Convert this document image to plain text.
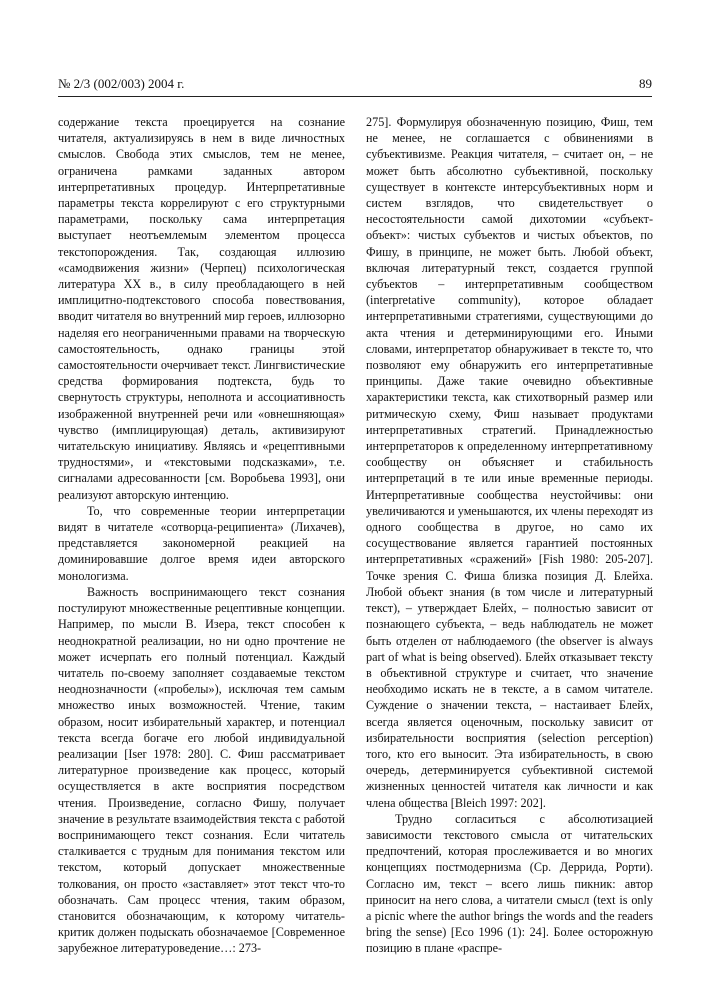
№ 2/3 (002/003) 2004 г.	89

содержание текста проецируется на сознание читателя, актуализируясь в нем в виде личностных смыслов. Свобода этих смыслов, тем не менее, ограничена рамками заданных автором интерпретативных процедур. Интерпретативные параметры текста коррелируют с его структурными параметрами, поскольку сама интерпретация выступает неотъемлемым элементом процесса текстопорождения. Так, создающая иллюзию «самодвижения жизни» (Черпец) психологическая литература XX в., в силу преобладающего в ней имплицитно-подтекстового способа повествования, вводит читателя во внутренний мир героев, иллюзорно наделяя его неограниченными правами на творческую самостоятельность, однако границы этой самостоятельности очерчивает текст. Лингвистические средства формирования подтекста, будь то свернутость структуры, неполнота и ассоциативность изображенной внутренней речи или «овнешняющая» чувство (имплицирующая) деталь, активизируют читательскую инициативу. Являясь и «рецептивными трудностями», и «текстовыми подсказками», т.е. сигналами адресованности [см. Воробьева 1993], они реализуют авторскую интенцию.

То, что современные теории интерпретации видят в читателе «сотворца-реципиента» (Лихачев), представляется закономерной реакцией на доминировавшие долгое время идеи авторского монологизма.

Важность воспринимающего текст сознания постулируют множественные рецептивные концепции. Например, по мысли В. Изера, текст способен к неоднократной реализации, но ни одно прочтение не может исчерпать его полный потенциал. Каждый читатель по-своему заполняет создаваемые текстом неоднозначности («пробелы»), исключая тем самым множество иных возможностей. Чтение, таким образом, носит избирательный характер, и потенциал текста всегда богаче его любой индивидуальной реализации [Iser 1978: 280]. С. Фиш рассматривает литературное произведение как процесс, который осуществляется в акте восприятия посредством чтения. Произведение, согласно Фишу, получает значение в результате взаимодействия текста с работой воспринимающего текст сознания. Если читатель сталкивается с трудным для понимания текстом или текстом, который допускает множественные толкования, он просто «заставляет» этот текст что-то обозначать. Сам процесс чтения, таким образом, становится обозначающим, к которому читатель-критик должен подыскать обозначаемое [Современное зарубежное литературоведение…: 273-

275]. Формулируя обозначенную позицию, Фиш, тем не менее, не соглашается с обвинениями в субъективизме. Реакция читателя, – считает он, – не может быть абсолютно субъективной, поскольку существует в контексте интерсубъективных норм и систем взглядов, что свидетельствует о несостоятельности самой дихотомии «субъект-объект»: чистых субъектов и чистых объектов, по Фишу, в принципе, не может быть. Любой объект, включая литературный текст, создается группой субъектов – интерпретативным сообществом (interpretative community), которое обладает интерпретативными стратегиями, существующими до акта чтения и детерминирующими его. Иными словами, интерпретатор обнаруживает в тексте то, что позволяют ему обнаружить его интерпретативные принципы. Даже такие очевидно объективные характеристики текста, как стихотворный размер или ритмическую схему, Фиш называет продуктами интерпретативных стратегий. Принадлежностью интерпретаторов к определенному интерпретативному сообществу он объясняет и стабильность интерпретаций в те или иные временные периоды. Интерпретативные сообщества неустойчивы: они увеличиваются и уменьшаются, их члены переходят из одного сообщества в другое, но само их сосуществование является гарантией постоянных интерпретативных «сражений» [Fish 1980: 205-207]. Точке зрения С. Фиша близка позиция Д. Блейха. Любой объект знания (в том числе и литературный текст), – утверждает Блейх, – полностью зависит от познающего субъекта, – ведь наблюдатель не может быть отделен от наблюдаемого (the observer is always part of what is being observed). Блейх отказывает тексту в объективной структуре и считает, что значение необходимо искать не в тексте, а в самом читателе. Суждение о значении текста, – настаивает Блейх, всегда является оценочным, поскольку зависит от избирательности восприятия (selection perception) того, кто его выносит. Эта избирательность, в свою очередь, детерминируется субъективной системой жизненных ценностей читателя как личности и как члена общества [Bleich 1997: 202].

Трудно согласиться с абсолютизацией зависимости текстового смысла от читательских предпочтений, которая прослеживается и во многих концепциях постмодернизма (Ср. Деррида, Рорти). Согласно им, текст – всего лишь пикник: автор приносит на него слова, а читатели смысл (text is only a picnic where the author brings the words and the readers bring the sense) [Eco 1996 (1): 24]. Более осторожную позицию в плане «распре-
